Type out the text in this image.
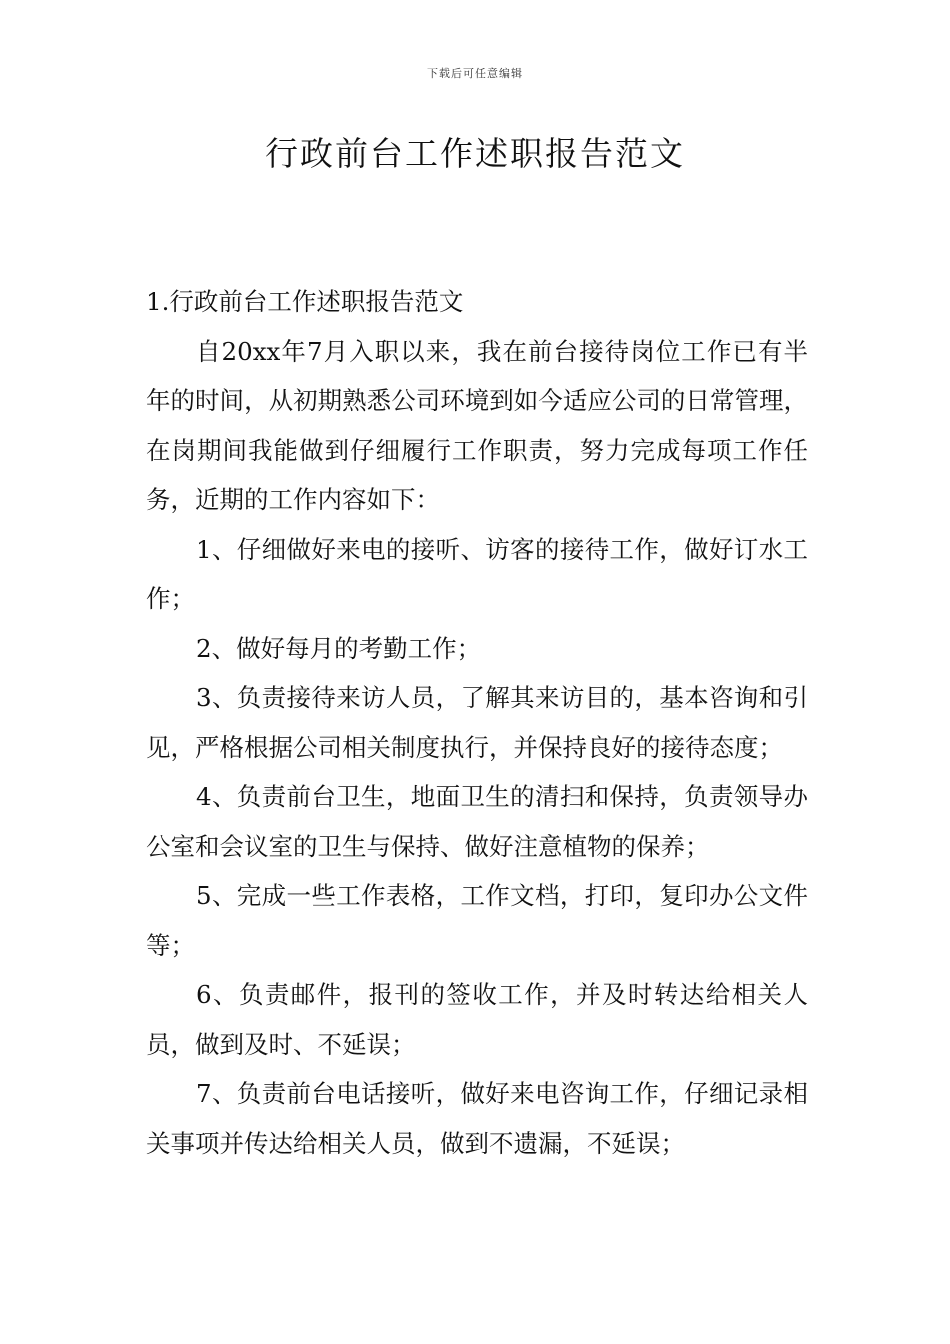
下载后可任意编辑
行政前台工作述职报告范文

1.行政前台工作述职报告范文

自20xx年7月入职以来，我在前台接待岗位工作已有半年的时间，从初期熟悉公司环境到如今适应公司的日常管理，在岗期间我能做到仔细履行工作职责，努力完成每项工作任务，近期的工作内容如下：

1、仔细做好来电的接听、访客的接待工作，做好订水工作；

2、做好每月的考勤工作；

3、负责接待来访人员，了解其来访目的，基本咨询和引见，严格根据公司相关制度执行，并保持良好的接待态度；

4、负责前台卫生，地面卫生的清扫和保持，负责领导办公室和会议室的卫生与保持、做好注意植物的保养；

5、完成一些工作表格，工作文档，打印，复印办公文件等；

6、负责邮件，报刊的签收工作，并及时转达给相关人员，做到及时、不延误；

7、负责前台电话接听，做好来电咨询工作，仔细记录相关事项并传达给相关人员，做到不遗漏，不延误；
